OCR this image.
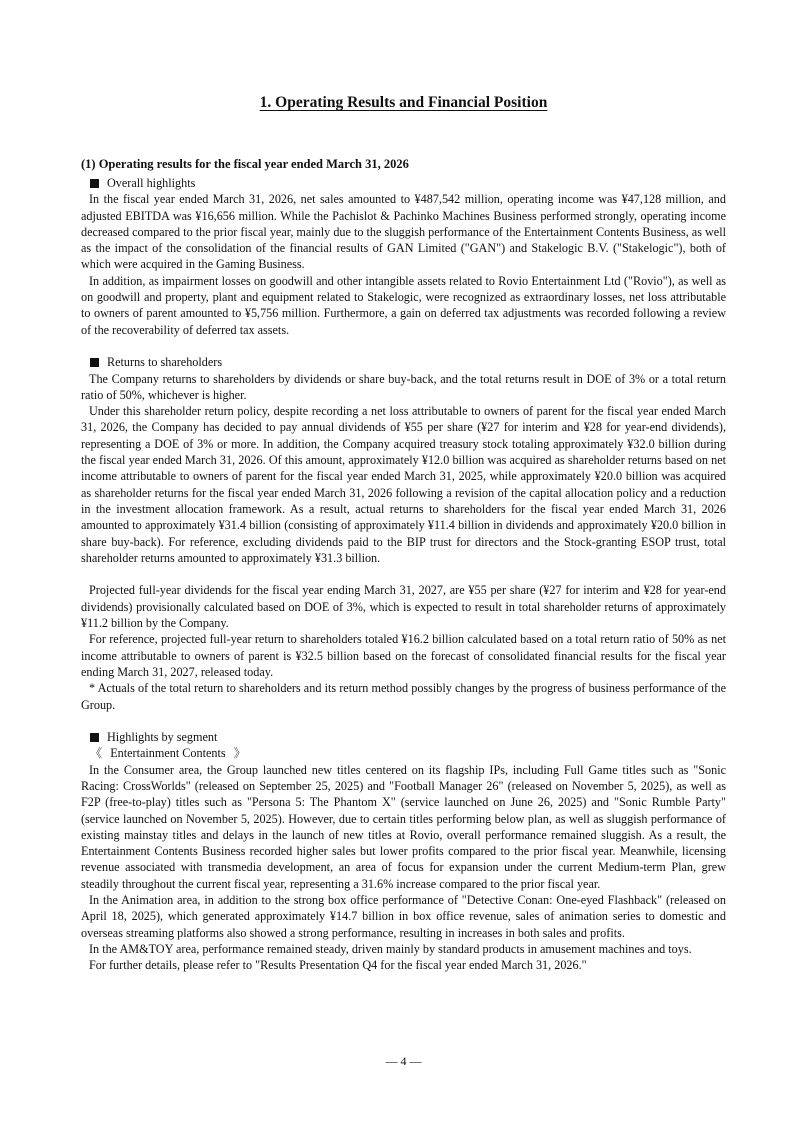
1. Operating Results and Financial Position
(1) Operating results for the fiscal year ended March 31, 2026
Overall highlights

In the fiscal year ended March 31, 2026, net sales amounted to ¥487,542 million, operating income was ¥47,128 million, and adjusted EBITDA was ¥16,656 million. While the Pachislot & Pachinko Machines Business performed strongly, operating income decreased compared to the prior fiscal year, mainly due to the sluggish performance of the Entertainment Contents Business, as well as the impact of the consolidation of the financial results of GAN Limited ("GAN") and Stakelogic B.V. ("Stakelogic"), both of which were acquired in the Gaming Business.

In addition, as impairment losses on goodwill and other intangible assets related to Rovio Entertainment Ltd ("Rovio"), as well as on goodwill and property, plant and equipment related to Stakelogic, were recognized as extraordinary losses, net loss attributable to owners of parent amounted to ¥5,756 million. Furthermore, a gain on deferred tax adjustments was recorded following a review of the recoverability of deferred tax assets.

Returns to shareholders

The Company returns to shareholders by dividends or share buy-back, and the total returns result in DOE of 3% or a total return ratio of 50%, whichever is higher.

Under this shareholder return policy, despite recording a net loss attributable to owners of parent for the fiscal year ended March 31, 2026, the Company has decided to pay annual dividends of ¥55 per share (¥27 for interim and ¥28 for year-end dividends), representing a DOE of 3% or more. In addition, the Company acquired treasury stock totaling approximately ¥32.0 billion during the fiscal year ended March 31, 2026. Of this amount, approximately ¥12.0 billion was acquired as shareholder returns based on net income attributable to owners of parent for the fiscal year ended March 31, 2025, while approximately ¥20.0 billion was acquired as shareholder returns for the fiscal year ended March 31, 2026 following a revision of the capital allocation policy and a reduction in the investment allocation framework. As a result, actual returns to shareholders for the fiscal year ended March 31, 2026 amounted to approximately ¥31.4 billion (consisting of approximately ¥11.4 billion in dividends and approximately ¥20.0 billion in share buy-back). For reference, excluding dividends paid to the BIP trust for directors and the Stock-granting ESOP trust, total shareholder returns amounted to approximately ¥31.3 billion.

Projected full-year dividends for the fiscal year ending March 31, 2027, are ¥55 per share (¥27 for interim and ¥28 for year-end dividends) provisionally calculated based on DOE of 3%, which is expected to result in total shareholder returns of approximately ¥11.2 billion by the Company.

For reference, projected full-year return to shareholders totaled ¥16.2 billion calculated based on a total return ratio of 50% as net income attributable to owners of parent is ¥32.5 billion based on the forecast of consolidated financial results for the fiscal year ending March 31, 2027, released today.

* Actuals of the total return to shareholders and its return method possibly changes by the progress of business performance of the Group.

Highlights by segment
《 Entertainment Contents 》

In the Consumer area, the Group launched new titles centered on its flagship IPs, including Full Game titles such as "Sonic Racing: CrossWorlds" (released on September 25, 2025) and "Football Manager 26" (released on November 5, 2025), as well as F2P (free-to-play) titles such as "Persona 5: The Phantom X" (service launched on June 26, 2025) and "Sonic Rumble Party" (service launched on November 5, 2025). However, due to certain titles performing below plan, as well as sluggish performance of existing mainstay titles and delays in the launch of new titles at Rovio, overall performance remained sluggish. As a result, the Entertainment Contents Business recorded higher sales but lower profits compared to the prior fiscal year. Meanwhile, licensing revenue associated with transmedia development, an area of focus for expansion under the current Medium-term Plan, grew steadily throughout the current fiscal year, representing a 31.6% increase compared to the prior fiscal year.

In the Animation area, in addition to the strong box office performance of "Detective Conan: One-eyed Flashback" (released on April 18, 2025), which generated approximately ¥14.7 billion in box office revenue, sales of animation series to domestic and overseas streaming platforms also showed a strong performance, resulting in increases in both sales and profits.

In the AM&TOY area, performance remained steady, driven mainly by standard products in amusement machines and toys.

For further details, please refer to "Results Presentation Q4 for the fiscal year ended March 31, 2026."

— 4 —
